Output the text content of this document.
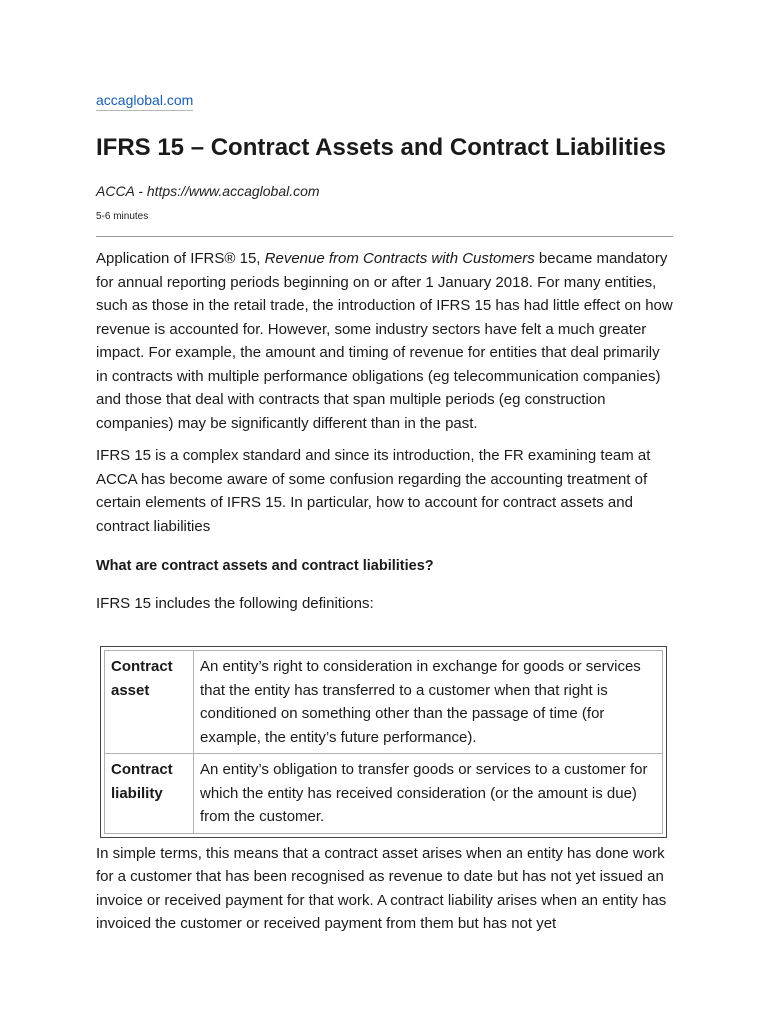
accaglobal.com
IFRS 15 – Contract Assets and Contract Liabilities
ACCA - https://www.accaglobal.com
5-6 minutes

Application of IFRS® 15, Revenue from Contracts with Customers became mandatory for annual reporting periods beginning on or after 1 January 2018. For many entities, such as those in the retail trade, the introduction of IFRS 15 has had little effect on how revenue is accounted for. However, some industry sectors have felt a much greater impact. For example, the amount and timing of revenue for entities that deal primarily in contracts with multiple performance obligations (eg telecommunication companies) and those that deal with contracts that span multiple periods (eg construction companies) may be significantly different than in the past.

IFRS 15 is a complex standard and since its introduction, the FR examining team at ACCA has become aware of some confusion regarding the accounting treatment of certain elements of IFRS 15. In particular, how to account for contract assets and contract liabilities

What are contract assets and contract liabilities?

IFRS 15 includes the following definitions:

Contract asset	An entity’s right to consideration in exchange for goods or services that the entity has transferred to a customer when that right is conditioned on something other than the passage of time (for example, the entity’s future performance).
Contract liability	An entity’s obligation to transfer goods or services to a customer for which the entity has received consideration (or the amount is due) from the customer.

In simple terms, this means that a contract asset arises when an entity has done work for a customer that has been recognised as revenue to date but has not yet issued an invoice or received payment for that work. A contract liability arises when an entity has invoiced the customer or received payment from them but has not yet
